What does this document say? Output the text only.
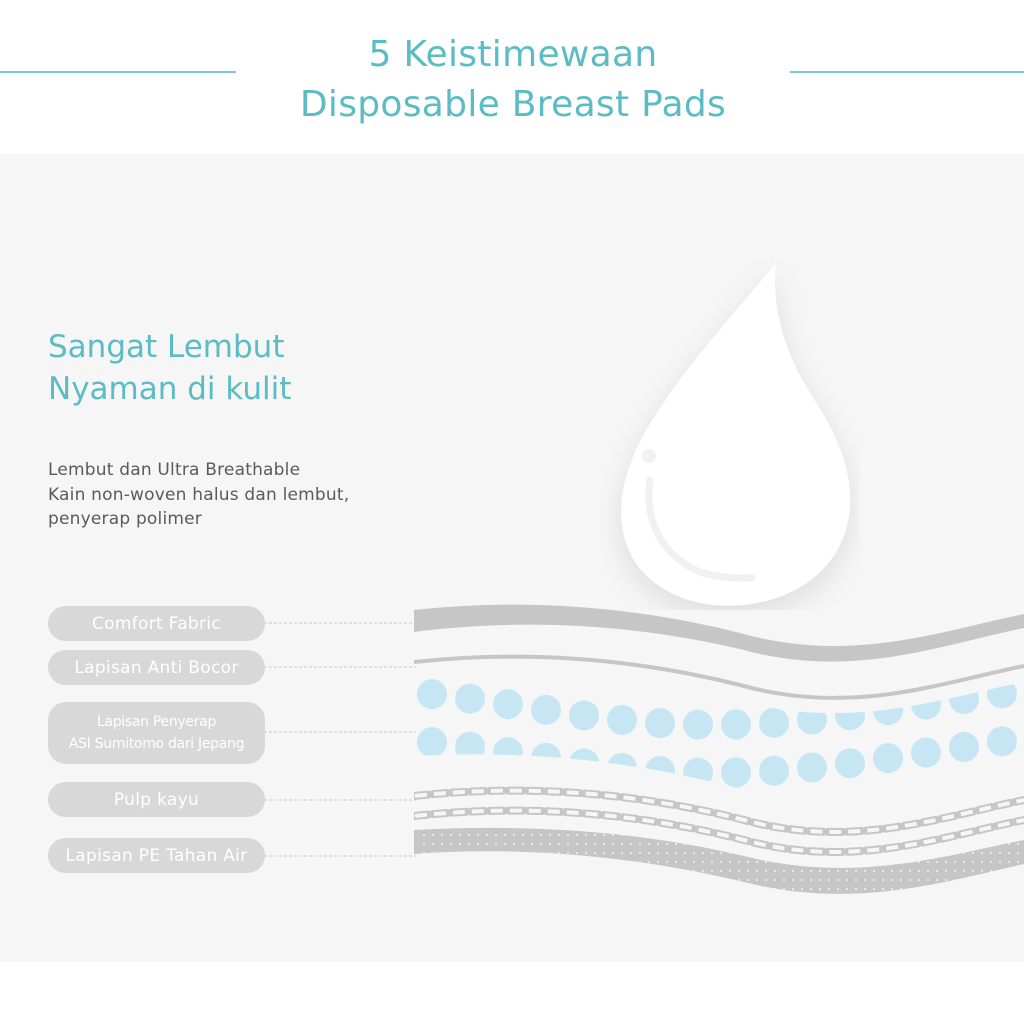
5 Keistimewaan
Disposable Breast Pads
Sangat Lembut
Nyaman di kulit
Lembut dan Ultra Breathable
Kain non-woven halus dan lembut,
penyerap polimer
Comfort Fabric
Lapisan Anti Bocor
Lapisan Penyerap
ASI Sumitomo dari Jepang
Pulp kayu
Lapisan PE Tahan Air
